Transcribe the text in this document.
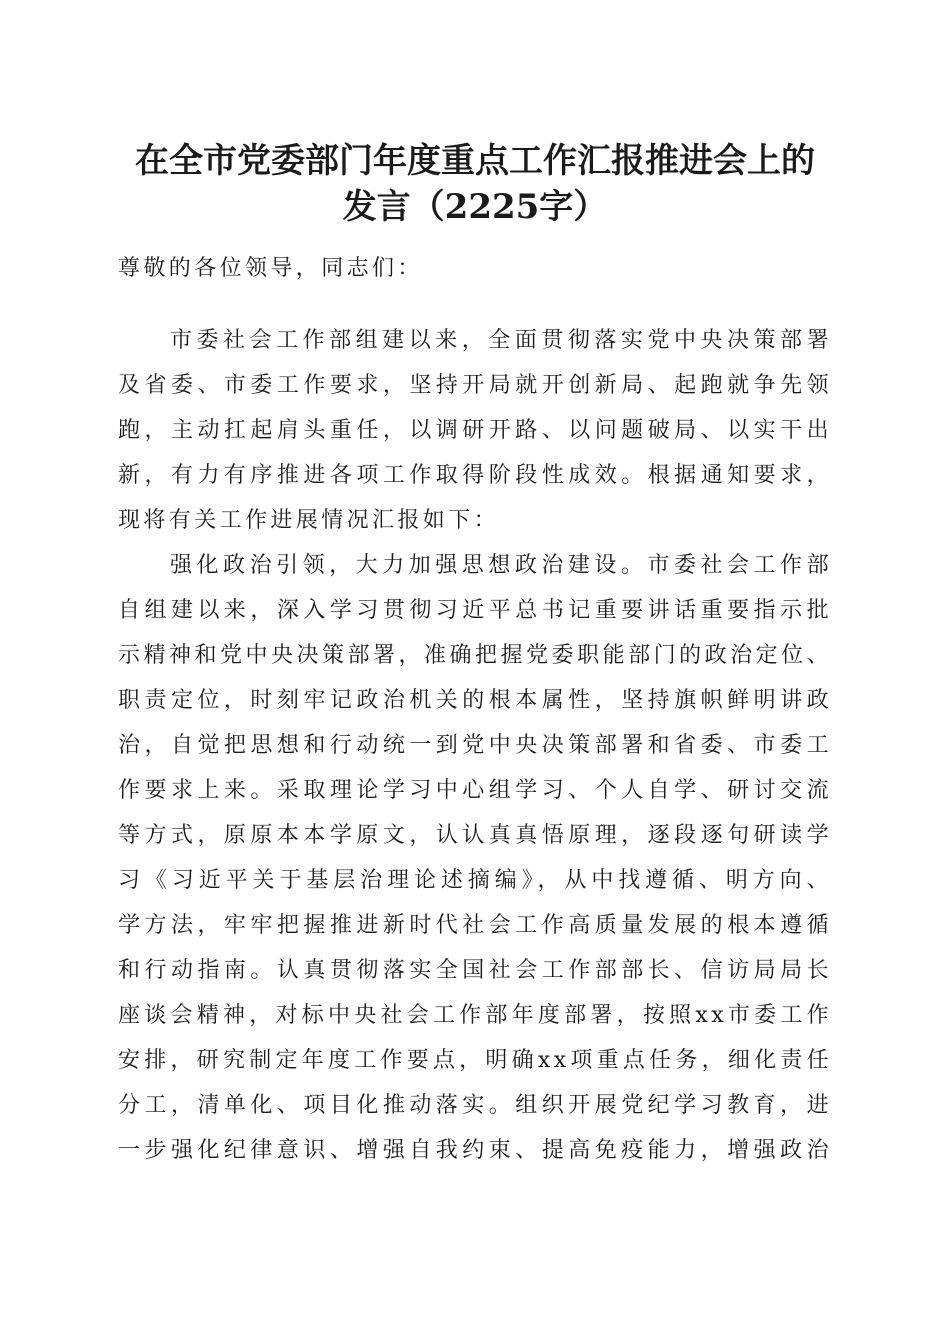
在全市党委部门年度重点工作汇报推进会上的
发言（2225字）

尊敬的各位领导，同志们：

市委社会工作部组建以来，全面贯彻落实党中央决策部署

及省委、市委工作要求，坚持开局就开创新局、起跑就争先领

跑，主动扛起肩头重任，以调研开路、以问题破局、以实干出

新，有力有序推进各项工作取得阶段性成效。根据通知要求，

现将有关工作进展情况汇报如下：

强化政治引领，大力加强思想政治建设。市委社会工作部

自组建以来，深入学习贯彻习近平总书记重要讲话重要指示批

示精神和党中央决策部署，准确把握党委职能部门的政治定位、

职责定位，时刻牢记政治机关的根本属性，坚持旗帜鲜明讲政

治，自觉把思想和行动统一到党中央决策部署和省委、市委工

作要求上来。采取理论学习中心组学习、个人自学、研讨交流

等方式，原原本本学原文，认认真真悟原理，逐段逐句研读学

习《习近平关于基层治理论述摘编》，从中找遵循、明方向、

学方法，牢牢把握推进新时代社会工作高质量发展的根本遵循

和行动指南。认真贯彻落实全国社会工作部部长、信访局局长

座谈会精神，对标中央社会工作部年度部署，按照xx市委工作

安排，研究制定年度工作要点，明确xx项重点任务，细化责任

分工，清单化、项目化推动落实。组织开展党纪学习教育，进

一步强化纪律意识、增强自我约束、提高免疫能力，增强政治
